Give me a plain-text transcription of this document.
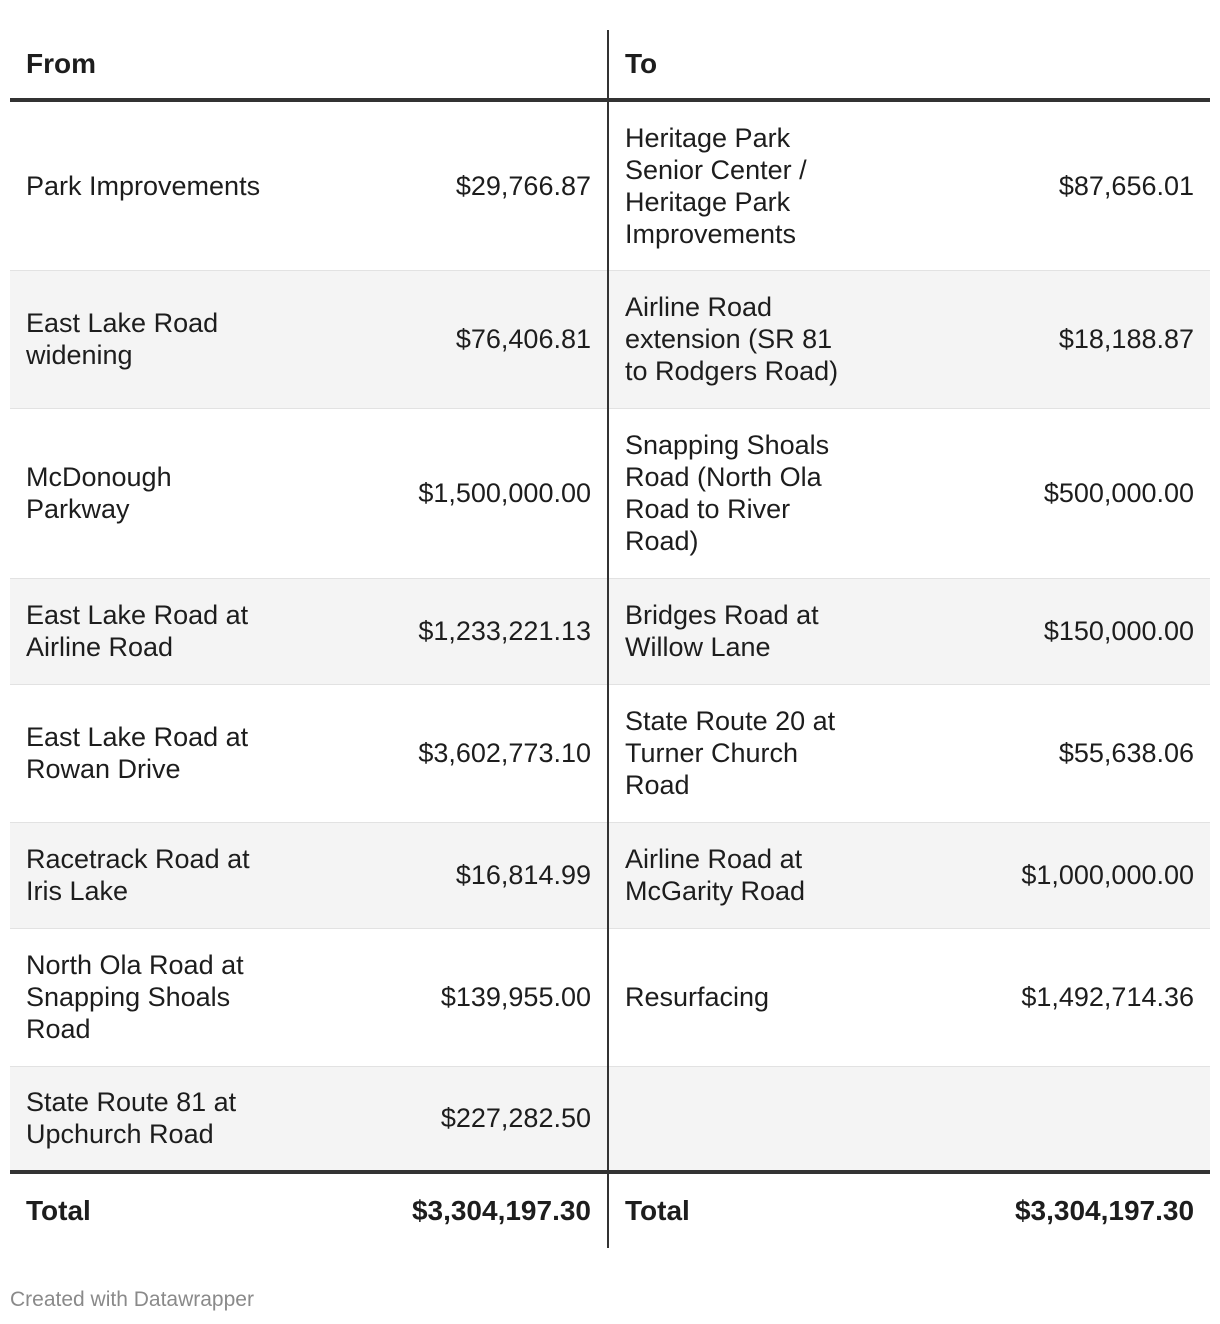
From		To	
Park Improvements	$29,766.87	Heritage Park Senior Center / Heritage Park Improvements	$87,656.01
East Lake Road widening	$76,406.81	Airline Road extension (SR 81 to Rodgers Road)	$18,188.87
McDonough Parkway	$1,500,000.00	Snapping Shoals Road (North Ola Road to River Road)	$500,000.00
East Lake Road at Airline Road	$1,233,221.13	Bridges Road at Willow Lane	$150,000.00
East Lake Road at Rowan Drive	$3,602,773.10	State Route 20 at Turner Church Road	$55,638.06
Racetrack Road at Iris Lake	$16,814.99	Airline Road at McGarity Road	$1,000,000.00
North Ola Road at Snapping Shoals Road	$139,955.00	Resurfacing	$1,492,714.36
State Route 81 at Upchurch Road	$227,282.50		
Total	$3,304,197.30	Total	$3,304,197.30
Created with Datawrapper
